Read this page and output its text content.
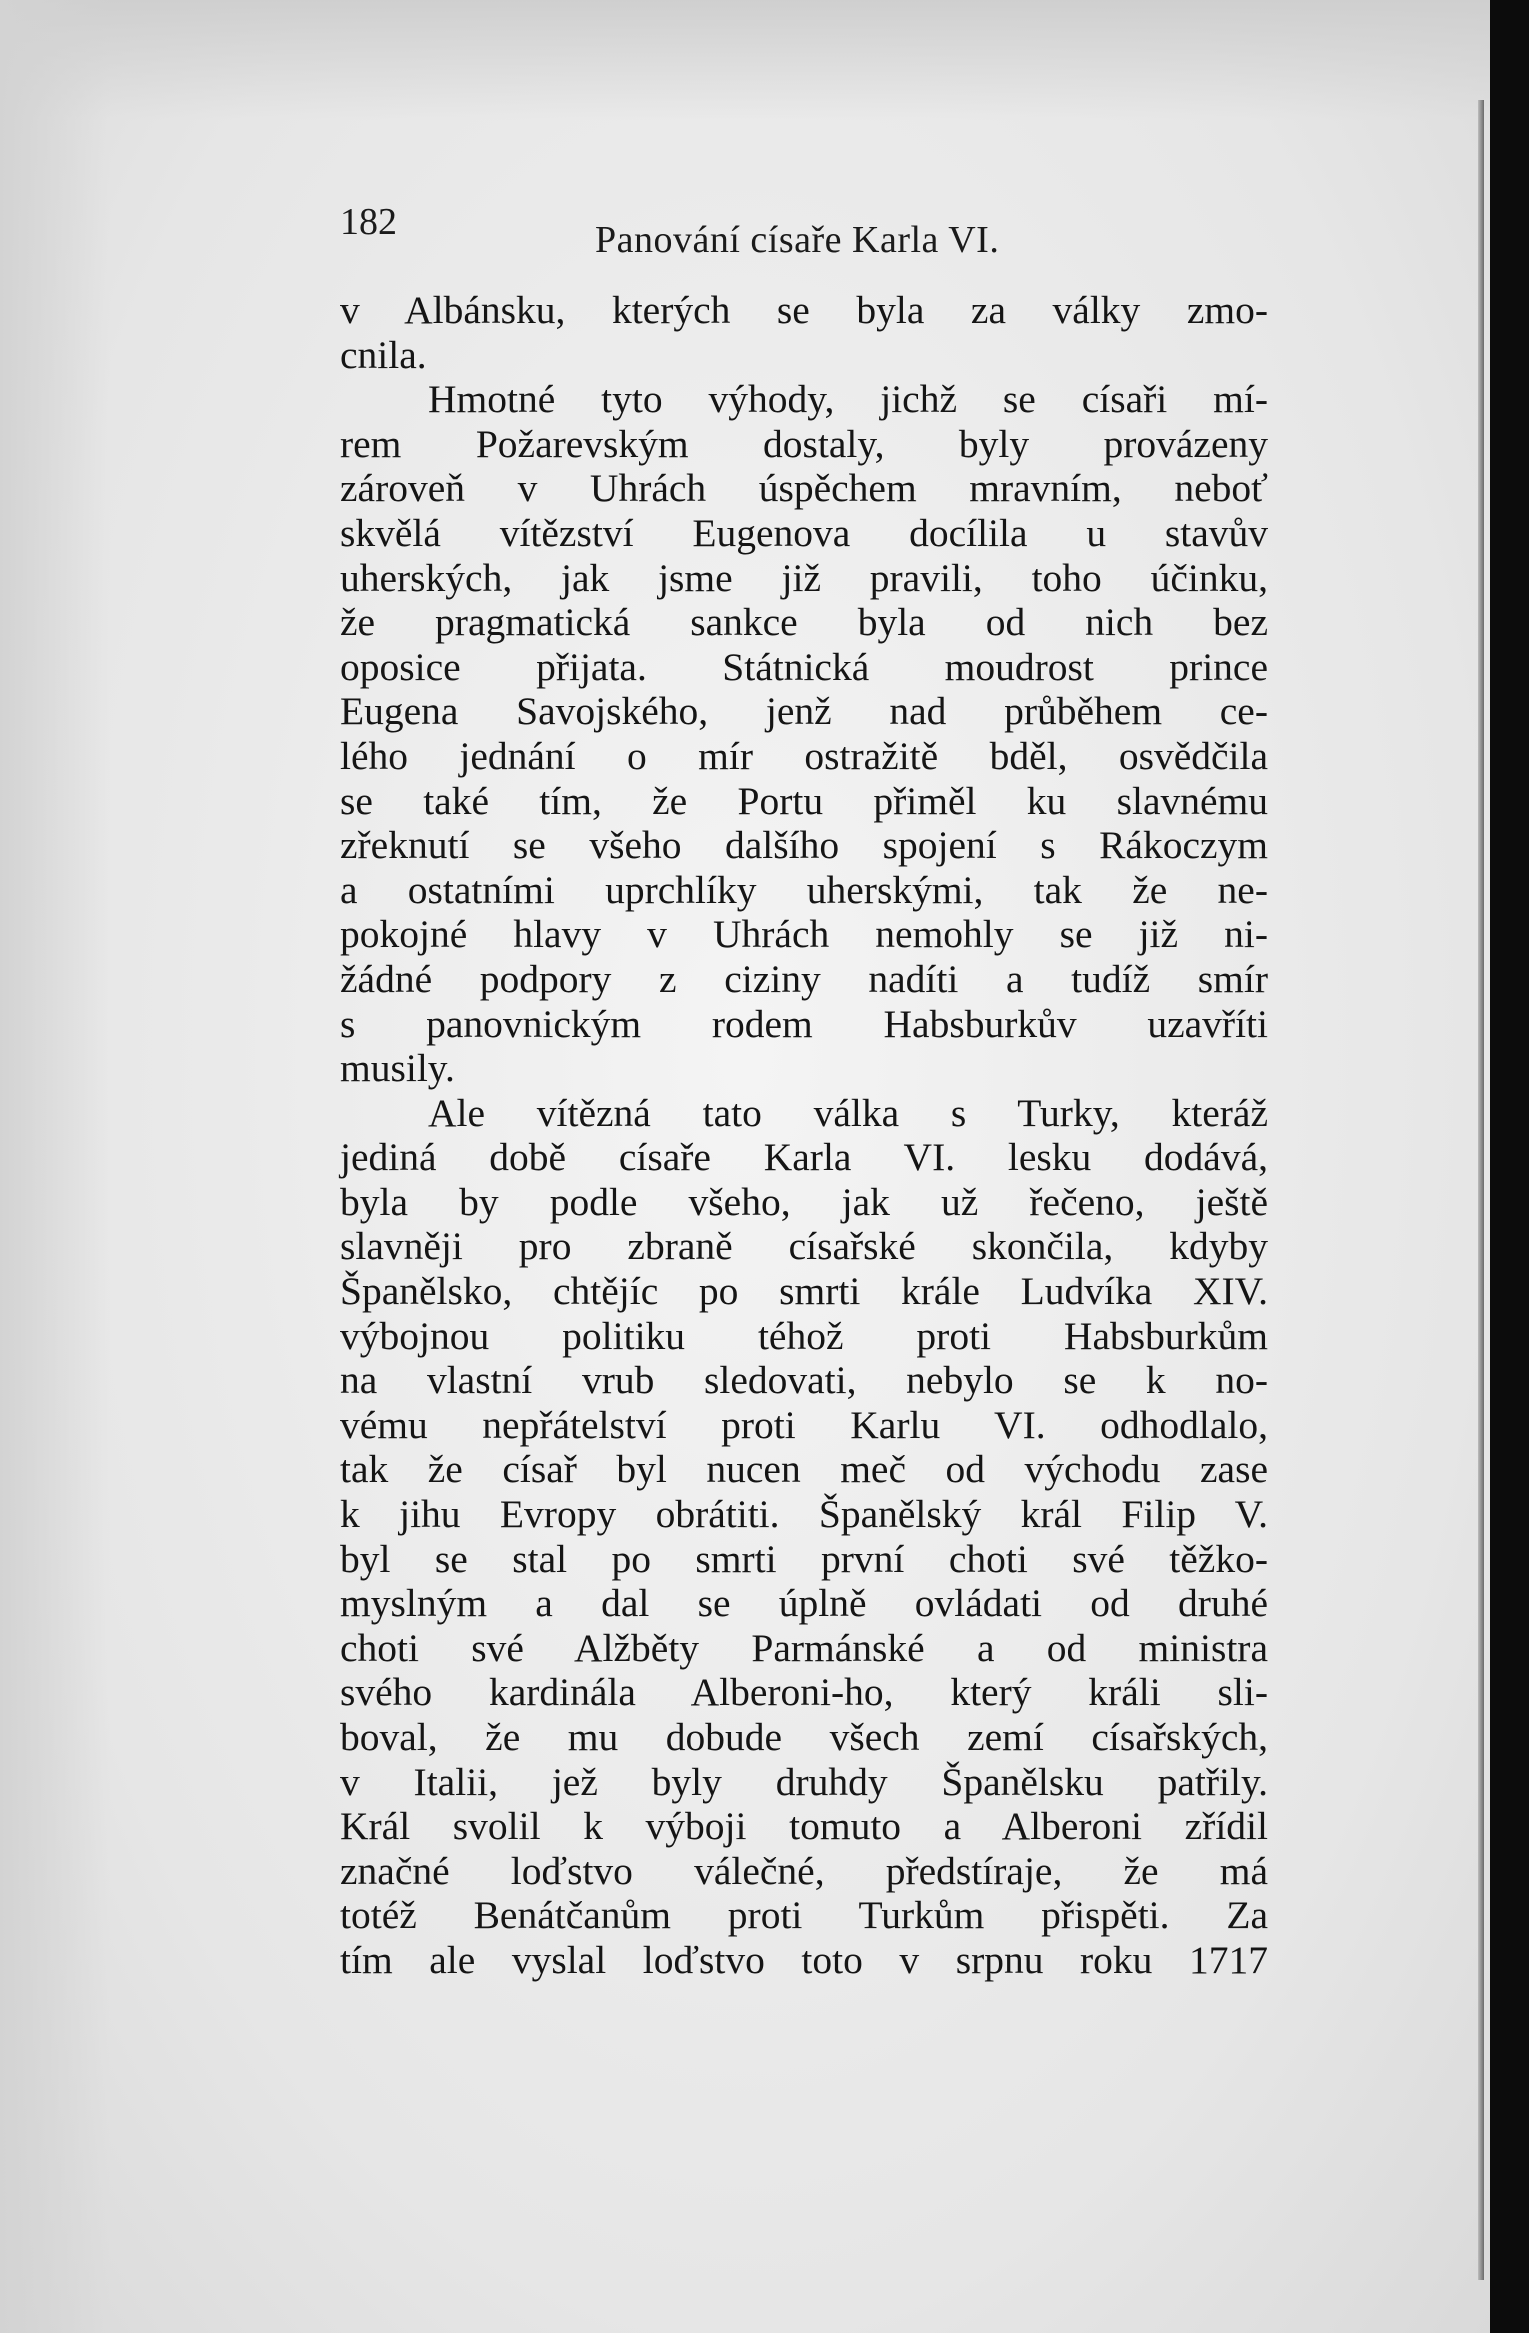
182	Panování císaře Karla VI.
v Albánsku, kterých se byla za války zmo-
cnila.
Hmotné tyto výhody, jichž se císaři mí-
rem Požarevským dostaly, byly provázeny
zároveň v Uhrách úspěchem mravním, neboť
skvělá vítězství Eugenova docílila u stavův
uherských, jak jsme již pravili, toho účinku,
že pragmatická sankce byla od nich bez
oposice přijata. Státnická moudrost prince
Eugena Savojského, jenž nad průběhem ce-
lého jednání o mír ostražitě bděl, osvědčila
se také tím, že Portu přiměl ku slavnému
zřeknutí se všeho dalšího spojení s Rákoczym
a ostatními uprchlíky uherskými, tak že ne-
pokojné hlavy v Uhrách nemohly se již ni-
žádné podpory z ciziny nadíti a tudíž smír
s panovnickým rodem Habsburkův uzavříti
musily.
Ale vítězná tato válka s Turky, kteráž
jediná době císaře Karla VI. lesku dodává,
byla by podle všeho, jak už řečeno, ještě
slavněji pro zbraně císařské skončila, kdyby
Španělsko, chtějíc po smrti krále Ludvíka XIV.
výbojnou politiku téhož proti Habsburkům
na vlastní vrub sledovati, nebylo se k no-
vému nepřátelství proti Karlu VI. odhodlalo,
tak že císař byl nucen meč od východu zase
k jihu Evropy obrátiti. Španělský král Filip V.
byl se stal po smrti první choti své těžko-
myslným a dal se úplně ovládati od druhé
choti své Alžběty Parmánské a od ministra
svého kardinála Alberoni-ho, který králi sli-
boval, že mu dobude všech zemí císařských,
v Italii, jež byly druhdy Španělsku patřily.
Král svolil k výboji tomuto a Alberoni zřídil
značné loďstvo válečné, předstíraje, že má
totéž Benátčanům proti Turkům přispěti. Za
tím ale vyslal loďstvo toto v srpnu roku 1717
